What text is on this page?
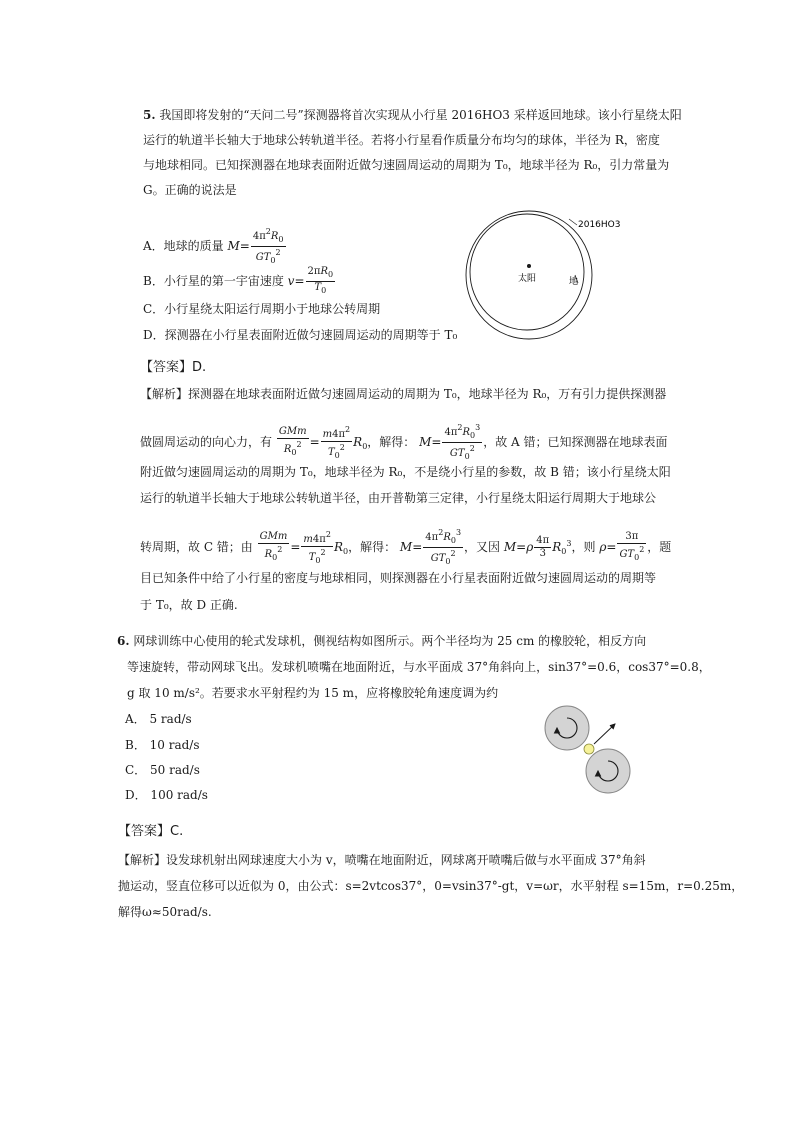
5. 我国即将发射的“天问二号”探测器将首次实现从小行星 2016HO3 采样返回地球。该小行星绕太阳
运行的轨道半长轴大于地球公转轨道半径。若将小行星看作质量分布均匀的球体，半径为 R，密度
与地球相同。已知探测器在地球表面附近做匀速圆周运动的周期为 T₀，地球半径为 R₀，引力常量为
G。正确的说法是
A．地球的质量 $M= \frac{4\pi^2R_0}{GT_0^2}$
B．小行星的第一宇宙速度 $v= \frac{2\pi R_0}{T_0}$
C．小行星绕太阳运行周期小于地球公转周期
D．探测器在小行星表面附近做匀速圆周运动的周期等于 T₀
太阳
2016HO3
地
【答案】D.
【解析】探测器在地球表面附近做匀速圆周运动的周期为 T₀，地球半径为 R₀，万有引力提供探测器
做圆周运动的向心力，有 $\frac{\text{GMm}}{R_0^2} = \frac{m4\pi^2}{T_0^2} R_0$，解得： $M= \frac{4\pi^2R_0^3}{GT_0^2}$ ，故 A 错；已知探测器在地球表面
附近做匀速圆周运动的周期为 T₀，地球半径为 R₀，不是绕小行星的参数，故 B 错；该小行星绕太阳
运行的轨道半长轴大于地球公转轨道半径，由开普勒第三定律，小行星绕太阳运行周期大于地球公
转周期，故 C 错；由 $\frac{\text{GMm}}{R_0^2} = \frac{m4\pi^2}{T_0^2} R_0$，解得： $M= \frac{4\pi^2R_0^3}{GT_0^2}$ ，又因 $M=\rho \frac{4\pi}{3} R_0^3$，则 $\rho= \frac{3\pi}{GT_0^2}$ ，题
目已知条件中给了小行星的密度与地球相同，则探测器在小行星表面附近做匀速圆周运动的周期等
于 T₀，故 D 正确.
6. 网球训练中心使用的轮式发球机，侧视结构如图所示。两个半径均为 25 cm 的橡胶轮，相反方向
等速旋转，带动网球飞出。发球机喷嘴在地面附近，与水平面成 37°角斜向上，sin37°=0.6，cos37°=0.8，
g 取 10 m/s²。若要求水平射程约为 15 m，应将橡胶轮角速度调为约
A． 5 rad/s
B． 10 rad/s
C． 50 rad/s
D． 100 rad/s
【答案】C.
【解析】设发球机射出网球速度大小为 v，喷嘴在地面附近，网球离开喷嘴后做与水平面成 37°角斜
抛运动，竖直位移可以近似为 0，由公式：s=2vtcos37°，0=vsin37°-gt，v=ωr，水平射程 s=15m，r=0.25m，
解得ω≈50rad/s.
